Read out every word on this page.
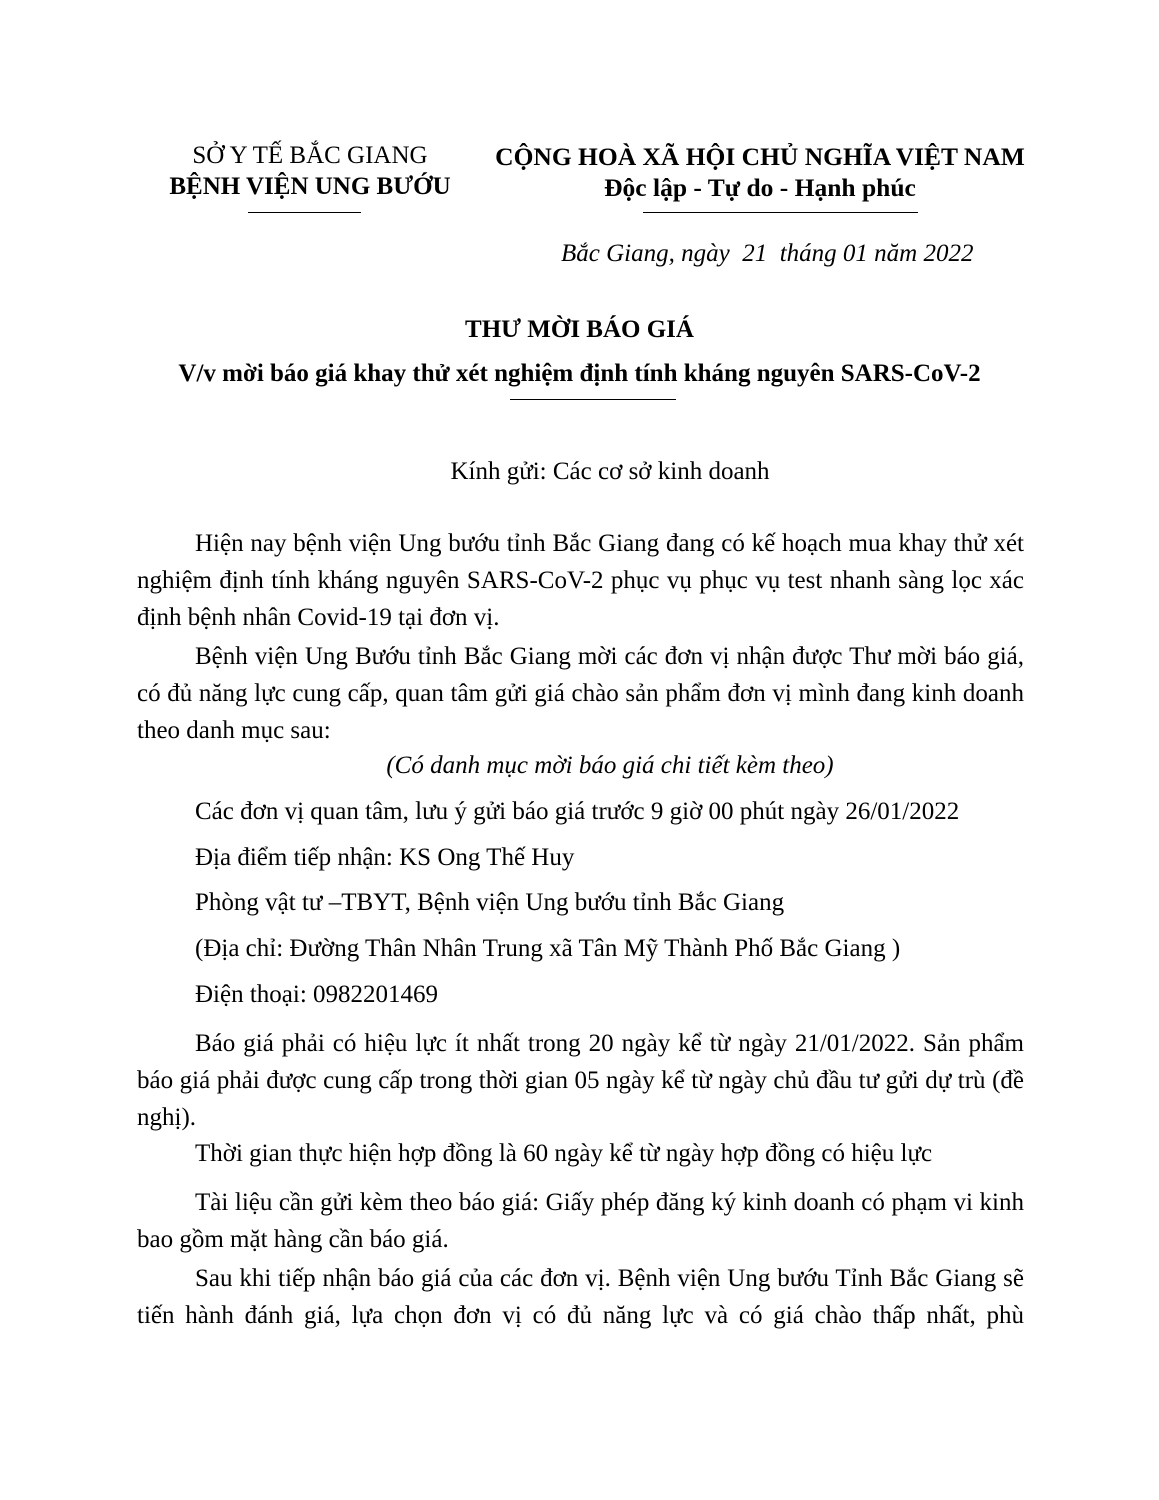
SỞ Y TẾ BẮC GIANG
BỆNH VIỆN UNG BƯỚU
CỘNG HOÀ XÃ HỘI CHỦ NGHĨA VIỆT NAM
Độc lập - Tự do - Hạnh phúc
Bắc Giang, ngày  21  tháng 01 năm 2022
THƯ MỜI BÁO GIÁ
V/v mời báo giá khay thử xét nghiệm định tính kháng nguyên SARS-CoV-2
Kính gửi: Các cơ sở kinh doanh
Hiện nay bệnh viện Ung bướu tỉnh Bắc Giang đang có kế hoạch mua khay thử xét nghiệm định tính kháng nguyên SARS-CoV-2 phục vụ phục vụ test nhanh sàng lọc xác định bệnh nhân Covid-19 tại đơn vị.
Bệnh viện Ung Bướu tỉnh Bắc Giang mời các đơn vị nhận được Thư mời báo giá, có đủ năng lực cung cấp, quan tâm gửi giá chào sản phẩm đơn vị mình đang kinh doanh theo danh mục sau:
(Có danh mục mời báo giá chi tiết kèm theo)
Các đơn vị quan tâm, lưu ý gửi báo giá trước 9 giờ 00 phút ngày 26/01/2022
Địa điểm tiếp nhận: KS Ong Thế Huy
Phòng vật tư –TBYT, Bệnh viện Ung bướu tỉnh Bắc Giang
(Địa chỉ: Đường Thân Nhân Trung xã Tân Mỹ Thành Phố Bắc Giang )
Điện thoại: 0982201469
Báo giá phải có hiệu lực ít nhất trong 20 ngày kể từ ngày 21/01/2022. Sản phẩm báo giá phải được cung cấp trong thời gian 05 ngày kể từ ngày chủ đầu tư gửi dự trù (đề nghị).
Thời gian thực hiện hợp đồng là 60 ngày kể từ ngày hợp đồng có hiệu lực
Tài liệu cần gửi kèm theo báo giá: Giấy phép đăng ký kinh doanh có phạm vi kinh bao gồm mặt hàng cần báo giá.
Sau khi tiếp nhận báo giá của các đơn vị. Bệnh viện Ung bướu Tỉnh Bắc Giang sẽ tiến hành đánh giá, lựa chọn đơn vị có đủ năng lực và có giá chào thấp nhất, phù
